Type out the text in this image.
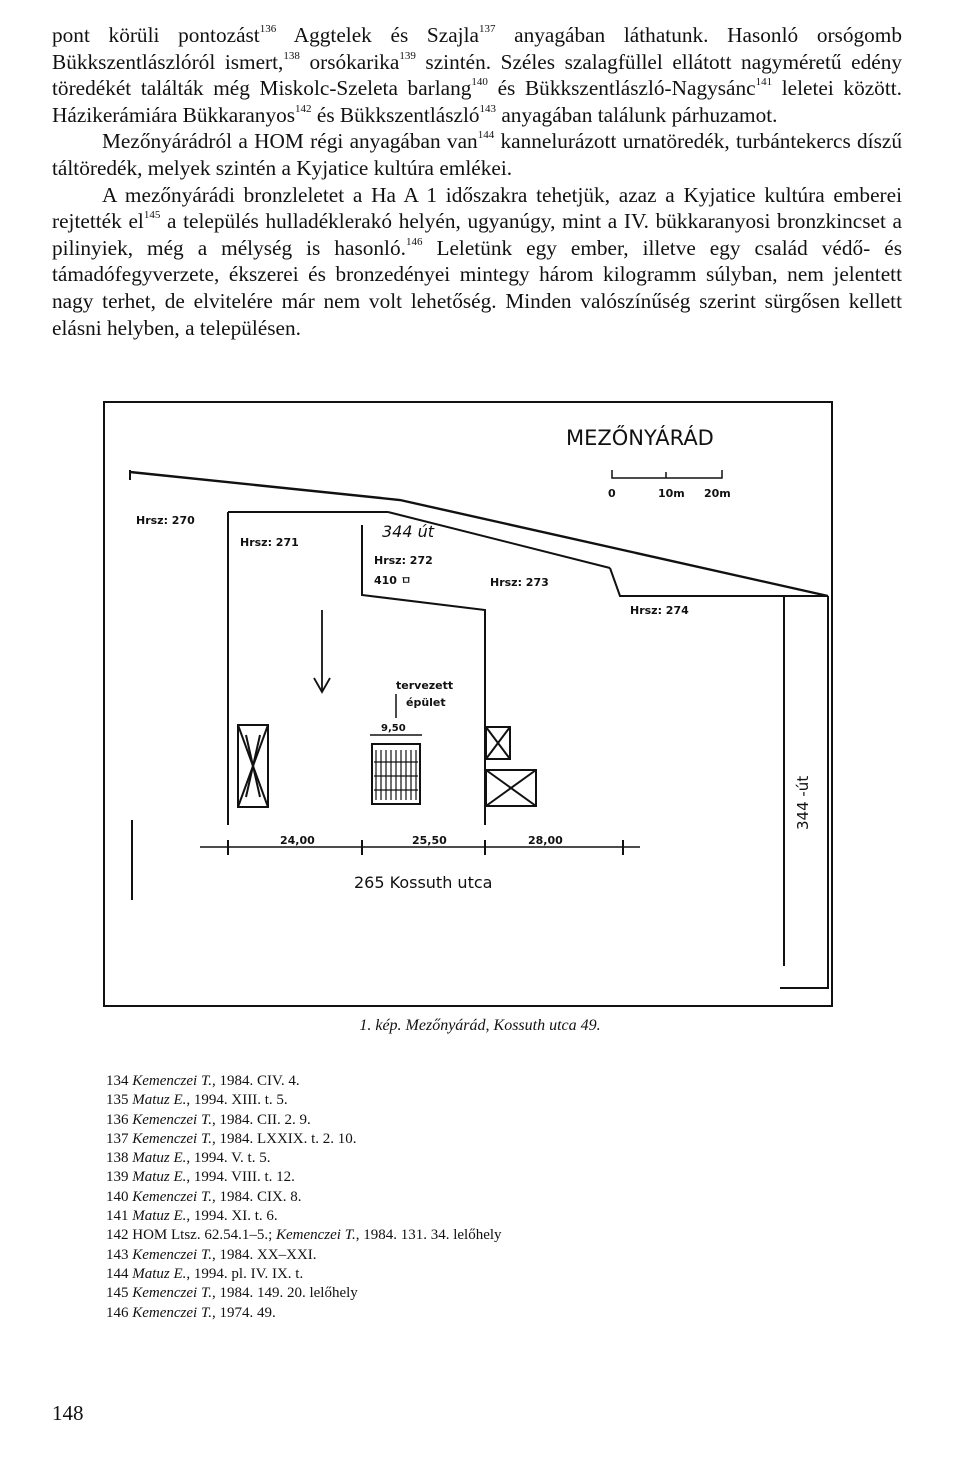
pont körüli pontozást$^{136}$ Aggtelek és Szajla$^{137}$ anyagában láthatunk. Hasonló orsógomb Bükkszentlászlóról ismert,$^{138}$ orsókarika$^{139}$ szintén. Széles szalagfüllel ellátott nagyméretű edény töredékét találták még Miskolc-Szeleta barlang$^{140}$ és Bükkszentlászló-Nagysánc$^{141}$ leletei között. Házikerámiára Bükkaranyos$^{142}$ és Bükkszentlászló$^{143}$ anyagában találunk párhuzamot.

Mezőnyárádról a HOM régi anyagában van$^{144}$ kannelurázott urnatöredék, turbántekercs díszű táltöredék, melyek szintén a Kyjatice kultúra emlékei.

A mezőnyárádi bronzleletet a Ha A 1 időszakra tehetjük, azaz a Kyjatice kultúra emberei rejtették $el^{145}$ a település hulladéklerakó helyén, ugyanúgy, mint a IV. bükkaranyosi bronzkincset a pilinyiek, még a mélység is hasonló.$^{146}$ Leletünk egy ember, illetve egy család védő- és támadófegyverzete, ékszerei és bronzedényei mintegy három kilogramm súlyban, nem jelentett nagy terhet, de elvitelére már nem volt lehetőség. Minden valószínűség szerint sürgősen kellett elásni helyben, a településen.

MEZŐNYÁRÁD
0	10m 20m
Hrsz: 270
Hrsz: 271
344 út
Hrsz: 272
410 ㅁ	Hrsz: 273
Hrsz: 274
tervezett
épület
9,50
24,00	25,50	28,00
265 Kossuth utca
344 -út
1. kép. Mezőnyárád, Kossuth utca 49.
134 Kemenczei T., 1984. CIV. 4.
135 Matuz E., 1994. XIII. t. 5.
136 Kemenczei T., 1984. CII. 2. 9.
137 Kemenczei T., 1984. LXXIX. t. 2. 10.
138 Matuz E., 1994. V. t. 5.
139 Matuz E., 1994. VIII. t. 12.
140 Kemenczei T., 1984. CIX. 8.
141 Matuz E., 1994. XI. t. 6.
142 HOM Ltsz. 62.54.1–5.; Kemenczei T., 1984. 131. 34. lelőhely
143 Kemenczei T., 1984. XX–XXI.
144 Matuz E., 1994. pl. IV. IX. t.
145 Kemenczei T., 1984. 149. 20. lelőhely
146 Kemenczei T., 1974. 49.
148
